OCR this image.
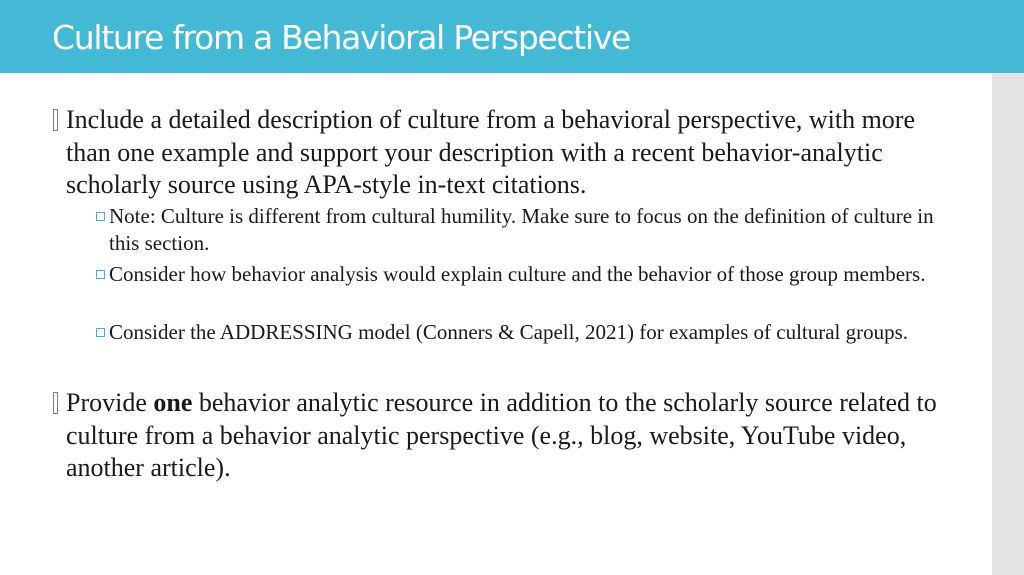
Culture from a Behavioral Perspective
Include a detailed description of culture from a behavioral perspective, with more than one example and support your description with a recent behavior-analytic scholarly source using APA-style in-text citations.
Note: Culture is different from cultural humility. Make sure to focus on the definition of culture in this section.
Consider how behavior analysis would explain culture and the behavior of those group members.
Consider the ADDRESSING model (Conners & Capell, 2021) for examples of cultural groups.
Provide one behavior analytic resource in addition to the scholarly source related to culture from a behavior analytic perspective (e.g., blog, website, YouTube video, another article).
